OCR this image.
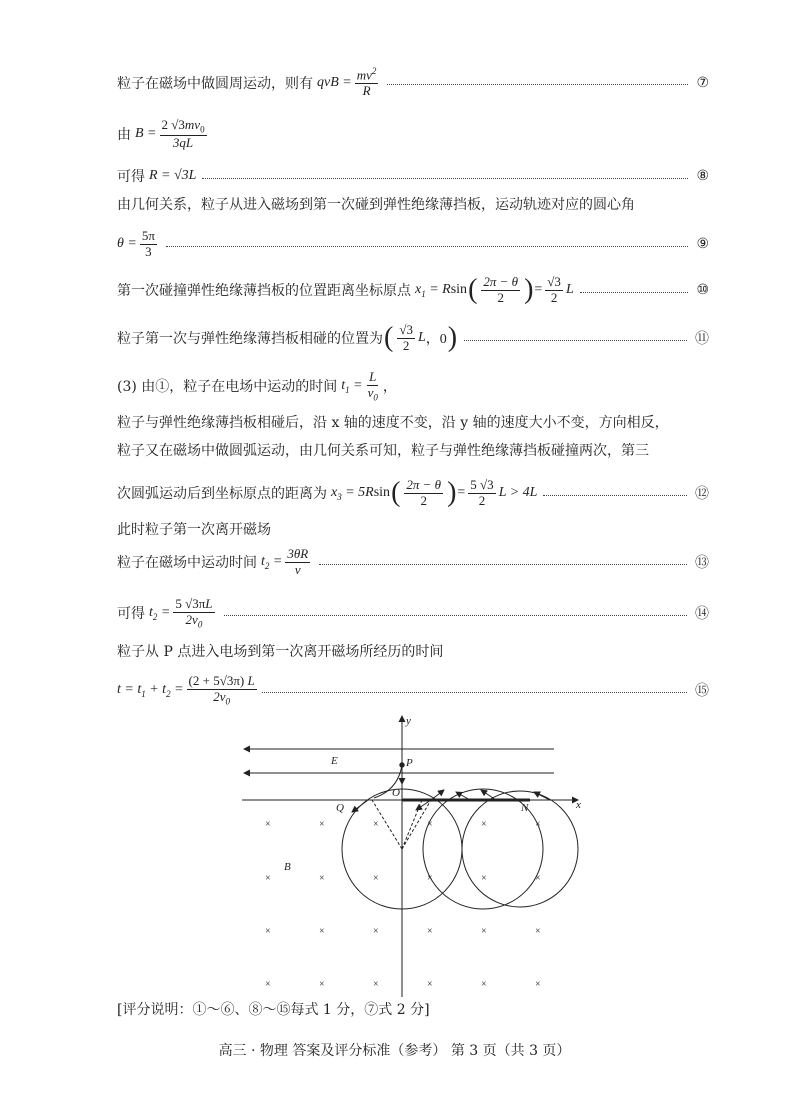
粒子在磁场中做圆周运动，则有 qvB = $\frac{mv^2}{R}$	⑦
由 $B = \frac{2 √3mv_0}{3qL}$
可得 R = √3L	⑧
由几何关系，粒子从进入磁场到第一次碰到弹性绝缘薄挡板，运动轨迹对应的圆心角
$\theta = \frac{5\pi}{3}$	⑨
第一次碰撞弹性绝缘薄挡板的位置距离坐标原点 $x_1 = R$ sin ( $\frac{2\pi - \theta}{2}$ ) = $\frac{√3}{2}$ L	⑩
粒子第一次与弹性绝缘薄挡板相碰的位置为 ( $\frac{√3}{2}$ L ，0 )	⑪
(3) 由①，粒子在电场中运动的时间 $t_1 = \frac{L}{v_0}$ ，
粒子与弹性绝缘薄挡板相碰后，沿 x 轴的速度不变，沿 y 轴的速度大小不变，方向相反，
粒子又在磁场中做圆弧运动，由几何关系可知，粒子与弹性绝缘薄挡板碰撞两次，第三
次圆弧运动后到坐标原点的距离为 $x_3 = 5R$ sin ( $\frac{2\pi - \theta}{2}$ ) = $\frac{5 √3}{2}$ L > 4L	⑫
此时粒子第一次离开磁场
粒子在磁场中运动时间 $t_2 = \frac{3\theta R}{v}$	⑬
可得 $t_2 = \frac{5 √3\pi L}{2v_0}$	⑭
粒子从 P 点进入电场到第一次离开磁场所经历的时间
$t = t_1 + t_2 = \frac{(2 + 5√3\pi) L}{2v_0}$	⑮
y
x
E	P
O
Q	N
B
×	×	×	×	×	×
×	×	×	×	×	×
×	×	×	×	×	×
×	×	×	×	×	×
[评分说明：①～⑥、⑧～⑮每式 1 分，⑦式 2 分]
高三 · 物理 答案及评分标准（参考） 第 3 页（共 3 页）
